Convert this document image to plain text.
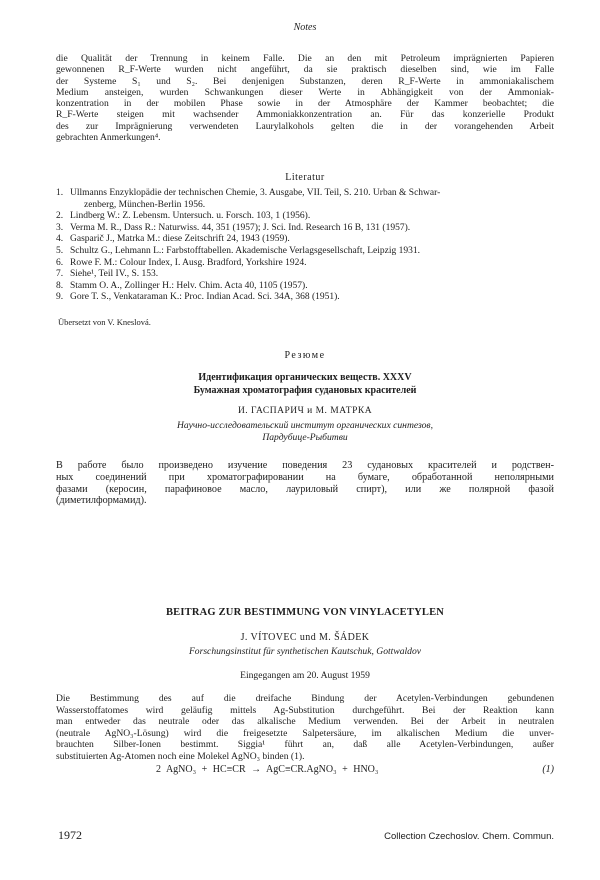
Notes
die Qualität der Trennung in keinem Falle. Die an den mit Petroleum imprägnierten Papieren
gewonnenen R_F-Werte wurden nicht angeführt, da sie praktisch dieselben sind, wie im Falle
der Systeme S₁ und S₂. Bei denjenigen Substanzen, deren R_F-Werte in ammoniakalischem
Medium ansteigen, wurden Schwankungen dieser Werte in Abhängigkeit von der Ammoniak-
konzentration in der mobilen Phase sowie in der Atmosphäre der Kammer beobachtet; die
R_F-Werte steigen mit wachsender Ammoniakkonzentration an. Für das konzerielle Produkt
des zur Imprägnierung verwendeten Laurylalkohols gelten die in der vorangehenden Arbeit
gebrachten Anmerkungen⁴.
Literatur
1. Ullmanns Enzyklopädie der technischen Chemie, 3. Ausgabe, VII. Teil, S. 210. Urban & Schwar-
zenberg, München-Berlin 1956.
2. Lindberg W.: Z. Lebensm. Untersuch. u. Forsch. 103, 1 (1956).
3. Verma M. R., Dass R.: Naturwiss. 44, 351 (1957); J. Sci. Ind. Research 16 B, 131 (1957).
4. Gasparič J., Matrka M.: diese Zeitschrift 24, 1943 (1959).
5. Schultz G., Lehmann L.: Farbstofftabellen. Akademische Verlagsgesellschaft, Leipzig 1931.
6. Rowe F. M.: Colour Index, I. Ausg. Bradford, Yorkshire 1924.
7. Siehe¹, Teil IV., S. 153.
8. Stamm O. A., Zollinger H.: Helv. Chim. Acta 40, 1105 (1957).
9. Gore T. S., Venkataraman K.: Proc. Indian Acad. Sci. 34A, 368 (1951).
Übersetzt von V. Kneslová.
Резюме
Идентификация органических веществ. XXXV
Бумажная хроматография судановых красителей
И. ГАСПАРИЧ и М. МАТРКА
Научно-исследовательский институт органических синтезов,
Пардубице-Рыбитви
В работе было произведено изучение поведения 23 судановых красителей и родствен-
ных соединений при хроматографировании на бумаге, обработанной неполярными
фазами (керосин, парафиновое масло, лауриловый спирт), или же полярной фазой
(диметилформамид).
BEITRAG ZUR BESTIMMUNG VON VINYLACETYLEN
J. VÍTOVEC und M. ŠÁDEK
Forschungsinstitut für synthetischen Kautschuk, Gottwaldov
Eingegangen am 20. August 1959
Die Bestimmung des auf die dreifache Bindung der Acetylen-Verbindungen gebundenen
Wasserstoffatomes wird geläufig mittels Ag-Substitution durchgeführt. Bei der Reaktion kann
man entweder das neutrale oder das alkalische Medium verwenden. Bei der Arbeit in neutralen
(neutrale AgNO₃-Lösung) wird die freigesetzte Salpetersäure, im alkalischen Medium die unver-
brauchten Silber-Ionen bestimmt. Siggia¹ führt an, daß alle Acetylen-Verbindungen, außer
substituierten Ag-Atomen noch eine Molekel AgNO₃ binden (1).
2 AgNO₃ + HC≡CR → AgC≡CR.AgNO₃ + HNO₃	(1)
1972	Collection Czechoslov. Chem. Commun.
